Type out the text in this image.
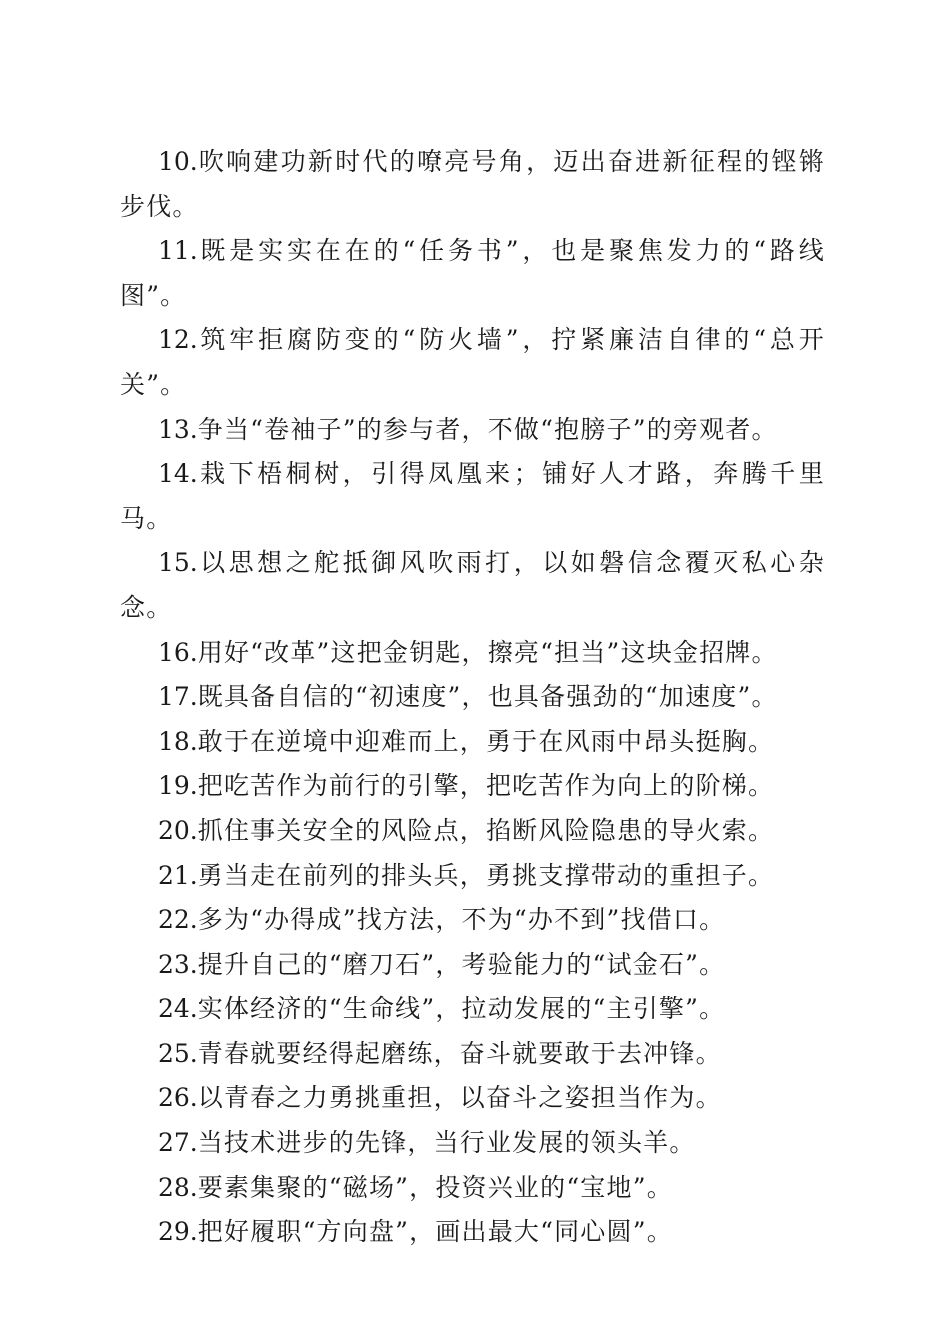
10.吹响建功新时代的嘹亮号角，迈出奋进新征程的铿锵步伐。

11.既是实实在在的“任务书”，也是聚焦发力的“路线图”。

12.筑牢拒腐防变的“防火墙”，拧紧廉洁自律的“总开关”。

13.争当“卷袖子”的参与者，不做“抱膀子”的旁观者。

14.栽下梧桐树，引得凤凰来；铺好人才路，奔腾千里马。

15.以思想之舵抵御风吹雨打，以如磐信念覆灭私心杂念。

16.用好“改革”这把金钥匙，擦亮“担当”这块金招牌。

17.既具备自信的“初速度”，也具备强劲的“加速度”。

18.敢于在逆境中迎难而上，勇于在风雨中昂头挺胸。

19.把吃苦作为前行的引擎，把吃苦作为向上的阶梯。

20.抓住事关安全的风险点，掐断风险隐患的导火索。

21.勇当走在前列的排头兵，勇挑支撑带动的重担子。

22.多为“办得成”找方法，不为“办不到”找借口。

23.提升自己的“磨刀石”，考验能力的“试金石”。

24.实体经济的“生命线”，拉动发展的“主引擎”。

25.青春就要经得起磨练，奋斗就要敢于去冲锋。

26.以青春之力勇挑重担，以奋斗之姿担当作为。

27.当技术进步的先锋，当行业发展的领头羊。

28.要素集聚的“磁场”，投资兴业的“宝地”。

29.把好履职“方向盘”，画出最大“同心圆”。
